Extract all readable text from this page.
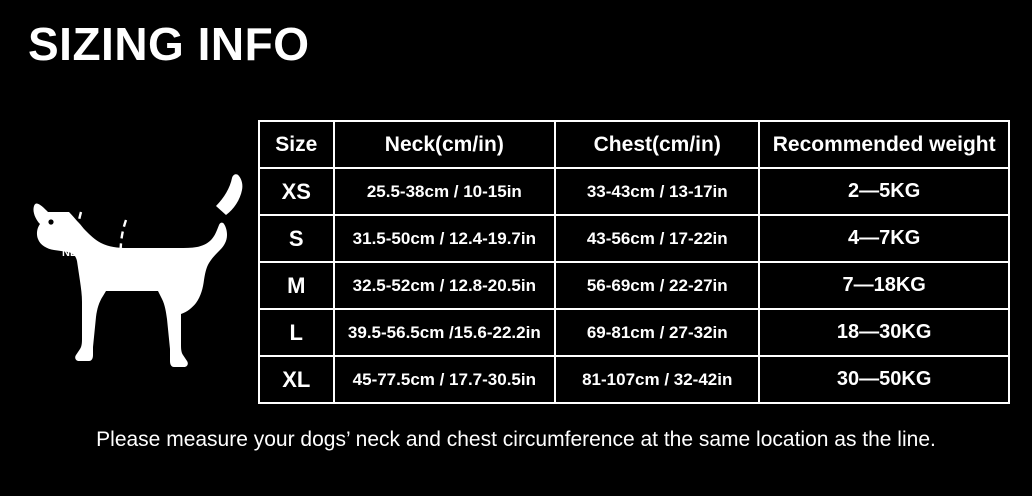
SIZING INFO
NECK	CHEST
Size	Neck(cm/in)	Chest(cm/in)	Recommended weight
XS	25.5-38cm / 10-15in	33-43cm / 13-17in	2—5KG
S	31.5-50cm / 12.4-19.7in	43-56cm / 17-22in	4—7KG
M	32.5-52cm / 12.8-20.5in	56-69cm / 22-27in	7—18KG
L	39.5-56.5cm /15.6-22.2in	69-81cm / 27-32in	18—30KG
XL	45-77.5cm / 17.7-30.5in	81-107cm / 32-42in	30—50KG
Please measure your dogs’ neck and chest circumference at the same location as the line.
